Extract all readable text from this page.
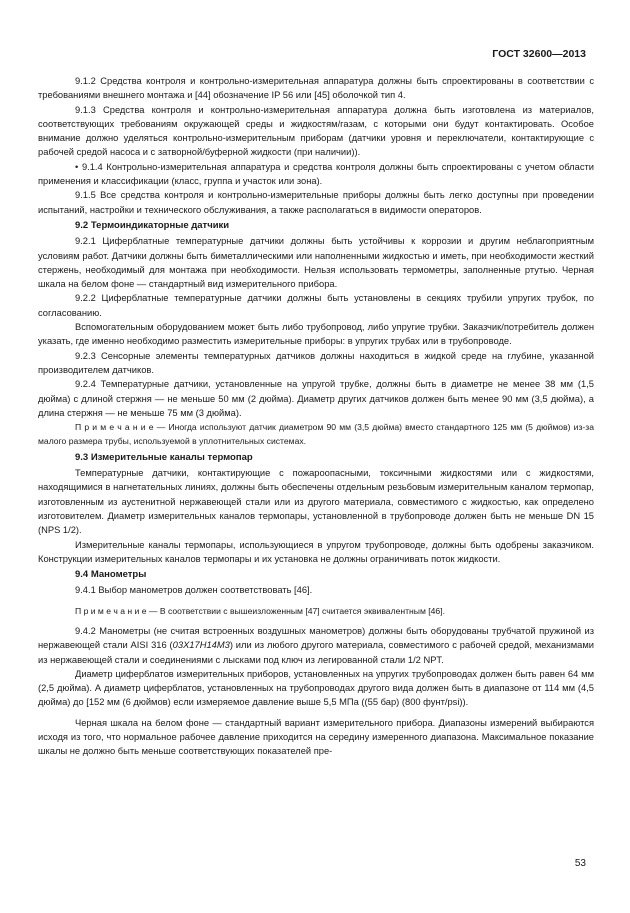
ГОСТ 32600—2013

9.1.2 Средства контроля и контрольно-измерительная аппаратура должны быть спроектированы в соответствии с требованиями внешнего монтажа и [44] обозначение IP 56 или [45] оболочкой тип 4.

9.1.3 Средства контроля и контрольно-измерительная аппаратура должна быть изготовлена из материалов, соответствующих требованиям окружающей среды и жидкостям/газам, с которыми они будут контактировать. Особое внимание должно уделяться контрольно-измерительным приборам (датчики уровня и переключатели, контактирующие с рабочей средой насоса и с затворной/буферной жидкости (при наличии)).

• 9.1.4 Контрольно-измерительная аппаратура и средства контроля должны быть спроектированы с учетом области применения и классификации (класс, группа и участок или зона).

9.1.5 Все средства контроля и контрольно-измерительные приборы должны быть легко доступны при проведении испытаний, настройки и технического обслуживания, а также располагаться в видимости операторов.

9.2 Термоиндикаторные датчики

9.2.1 Циферблатные температурные датчики должны быть устойчивы к коррозии и другим неблагоприятным условиям работ. Датчики должны быть биметаллическими или наполненными жидкостью и иметь, при необходимости жесткий стержень, необходимый для монтажа при необходимости. Нельзя использовать термометры, заполненные ртутью. Черная шкала на белом фоне — стандартный вид измерительного прибора.

9.2.2 Циферблатные температурные датчики должны быть установлены в секциях трубили упругих трубок, по согласованию.

Вспомогательным оборудованием может быть либо трубопровод, либо упругие трубки. Заказчик/потребитель должен указать, где именно необходимо разместить измерительные приборы: в упругих трубах или в трубопроводе.

9.2.3 Сенсорные элементы температурных датчиков должны находиться в жидкой среде на глубине, указанной производителем датчиков.

9.2.4 Температурные датчики, установленные на упругой трубке, должны быть в диаметре не менее 38 мм (1,5 дюйма) с длиной стержня — не меньше 50 мм (2 дюйма). Диаметр других датчиков должен быть менее 90 мм (3,5 дюйма), а длина стержня — не меньше 75 мм (3 дюйма).

П р и м е ч а н и е — Иногда используют датчик диаметром 90 мм (3,5 дюйма) вместо стандартного 125 мм (5 дюймов) из-за малого размера трубы, используемой в уплотнительных системах.

9.3 Измерительные каналы термопар

Температурные датчики, контактирующие с пожароопасными, токсичными жидкостями или с жидкостями, находящимися в нагнетательных линиях, должны быть обеспечены отдельным резьбовым измерительным каналом термопар, изготовленным из аустенитной нержавеющей стали или из другого материала, совместимого с жидкостью, как определено изготовителем. Диаметр измерительных каналов термопары, установленной в трубопроводе должен быть не меньше DN 15 (NPS 1/2).

Измерительные каналы термопары, использующиеся в упругом трубопроводе, должны быть одобрены заказчиком. Конструкции измерительных каналов термопары и их установка не должны ограничивать поток жидкости.

9.4 Манометры

9.4.1 Выбор манометров должен соответствовать [46].

П р и м е ч а н и е — В соответствии с вышеизложенным [47] считается эквивалентным [46].

9.4.2 Манометры (не считая встроенных воздушных манометров) должны быть оборудованы трубчатой пружиной из нержавеющей стали AISI 316 (03Х17Н14М3) или из любого другого материала, совместимого с рабочей средой, механизмами из нержавеющей стали и соединениями с лысками под ключ из легированной стали 1/2 NPT.

Диаметр циферблатов измерительных приборов, установленных на упругих трубопроводах должен быть равен 64 мм (2,5 дюйма). А диаметр циферблатов, установленных на трубопроводах другого вида должен быть в диапазоне от 114 мм (4,5 дюйма) до [152 мм (6 дюймов) если измеряемое давление выше 5,5 МПа ((55 бар) (800 фунт/psi)).

Черная шкала на белом фоне — стандартный вариант измерительного прибора. Диапазоны измерений выбираются исходя из того, что нормальное рабочее давление приходится на середину измеренного диапазона. Максимальное показание шкалы не должно быть меньше соответствующих показателей пре-

53
